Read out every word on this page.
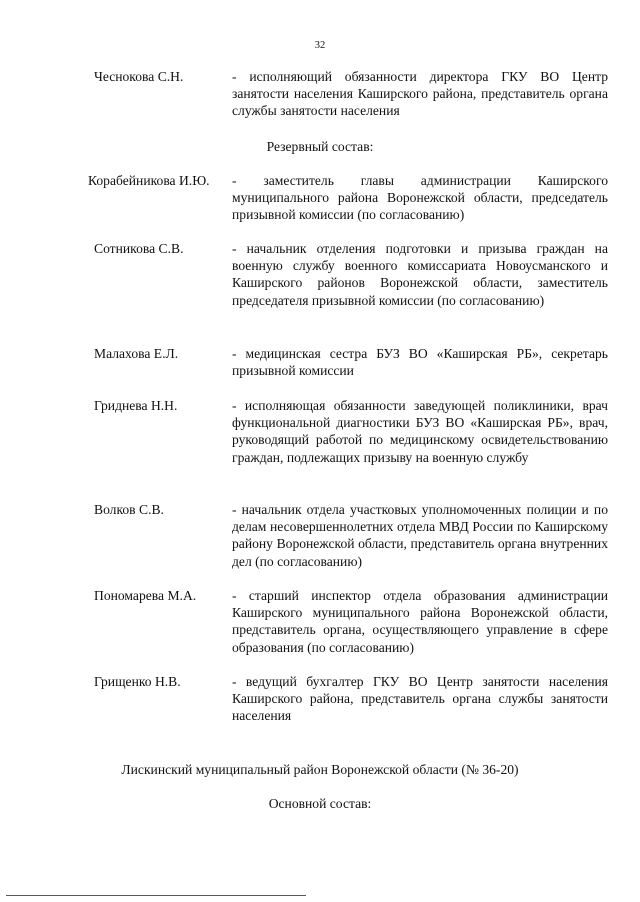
32
Чеснокова С.Н.	- исполняющий обязанности директора ГКУ ВО Центр занятости населения Каширского района, представитель органа службы занятости населения
Резервный состав:
Корабейникова И.Ю. - заместитель главы администрации Каширского муниципального района Воронежской области, председатель призывной комиссии (по согласованию)
Сотникова С.В.	- начальник отделения подготовки и призыва граждан на военную службу военного комиссариата Новоусманского и Каширского районов Воронежской области, заместитель председателя призывной комиссии (по согласованию)
Малахова Е.Л.	- медицинская сестра БУЗ ВО «Каширская РБ», секретарь призывной комиссии
Гриднева Н.Н.	- исполняющая обязанности заведующей поликлиники, врач функциональной диагностики БУЗ ВО «Каширская РБ», врач, руководящий работой по медицинскому освидетельствованию граждан, подлежащих призыву на военную службу
Волков С.В.	- начальник отдела участковых уполномоченных полиции и по делам несовершеннолетних отдела МВД России по Каширскому району Воронежской области, представитель органа внутренних дел (по согласованию)
Пономарева М.А.	- старший инспектор отдела образования администрации Каширского муниципального района Воронежской области, представитель органа, осуществляющего управление в сфере образования (по согласованию)
Грищенко Н.В.	- ведущий бухгалтер ГКУ ВО Центр занятости населения Каширского района, представитель органа службы занятости населения
Лискинский муниципальный район Воронежской области (№ 36-20)
Основной состав:
